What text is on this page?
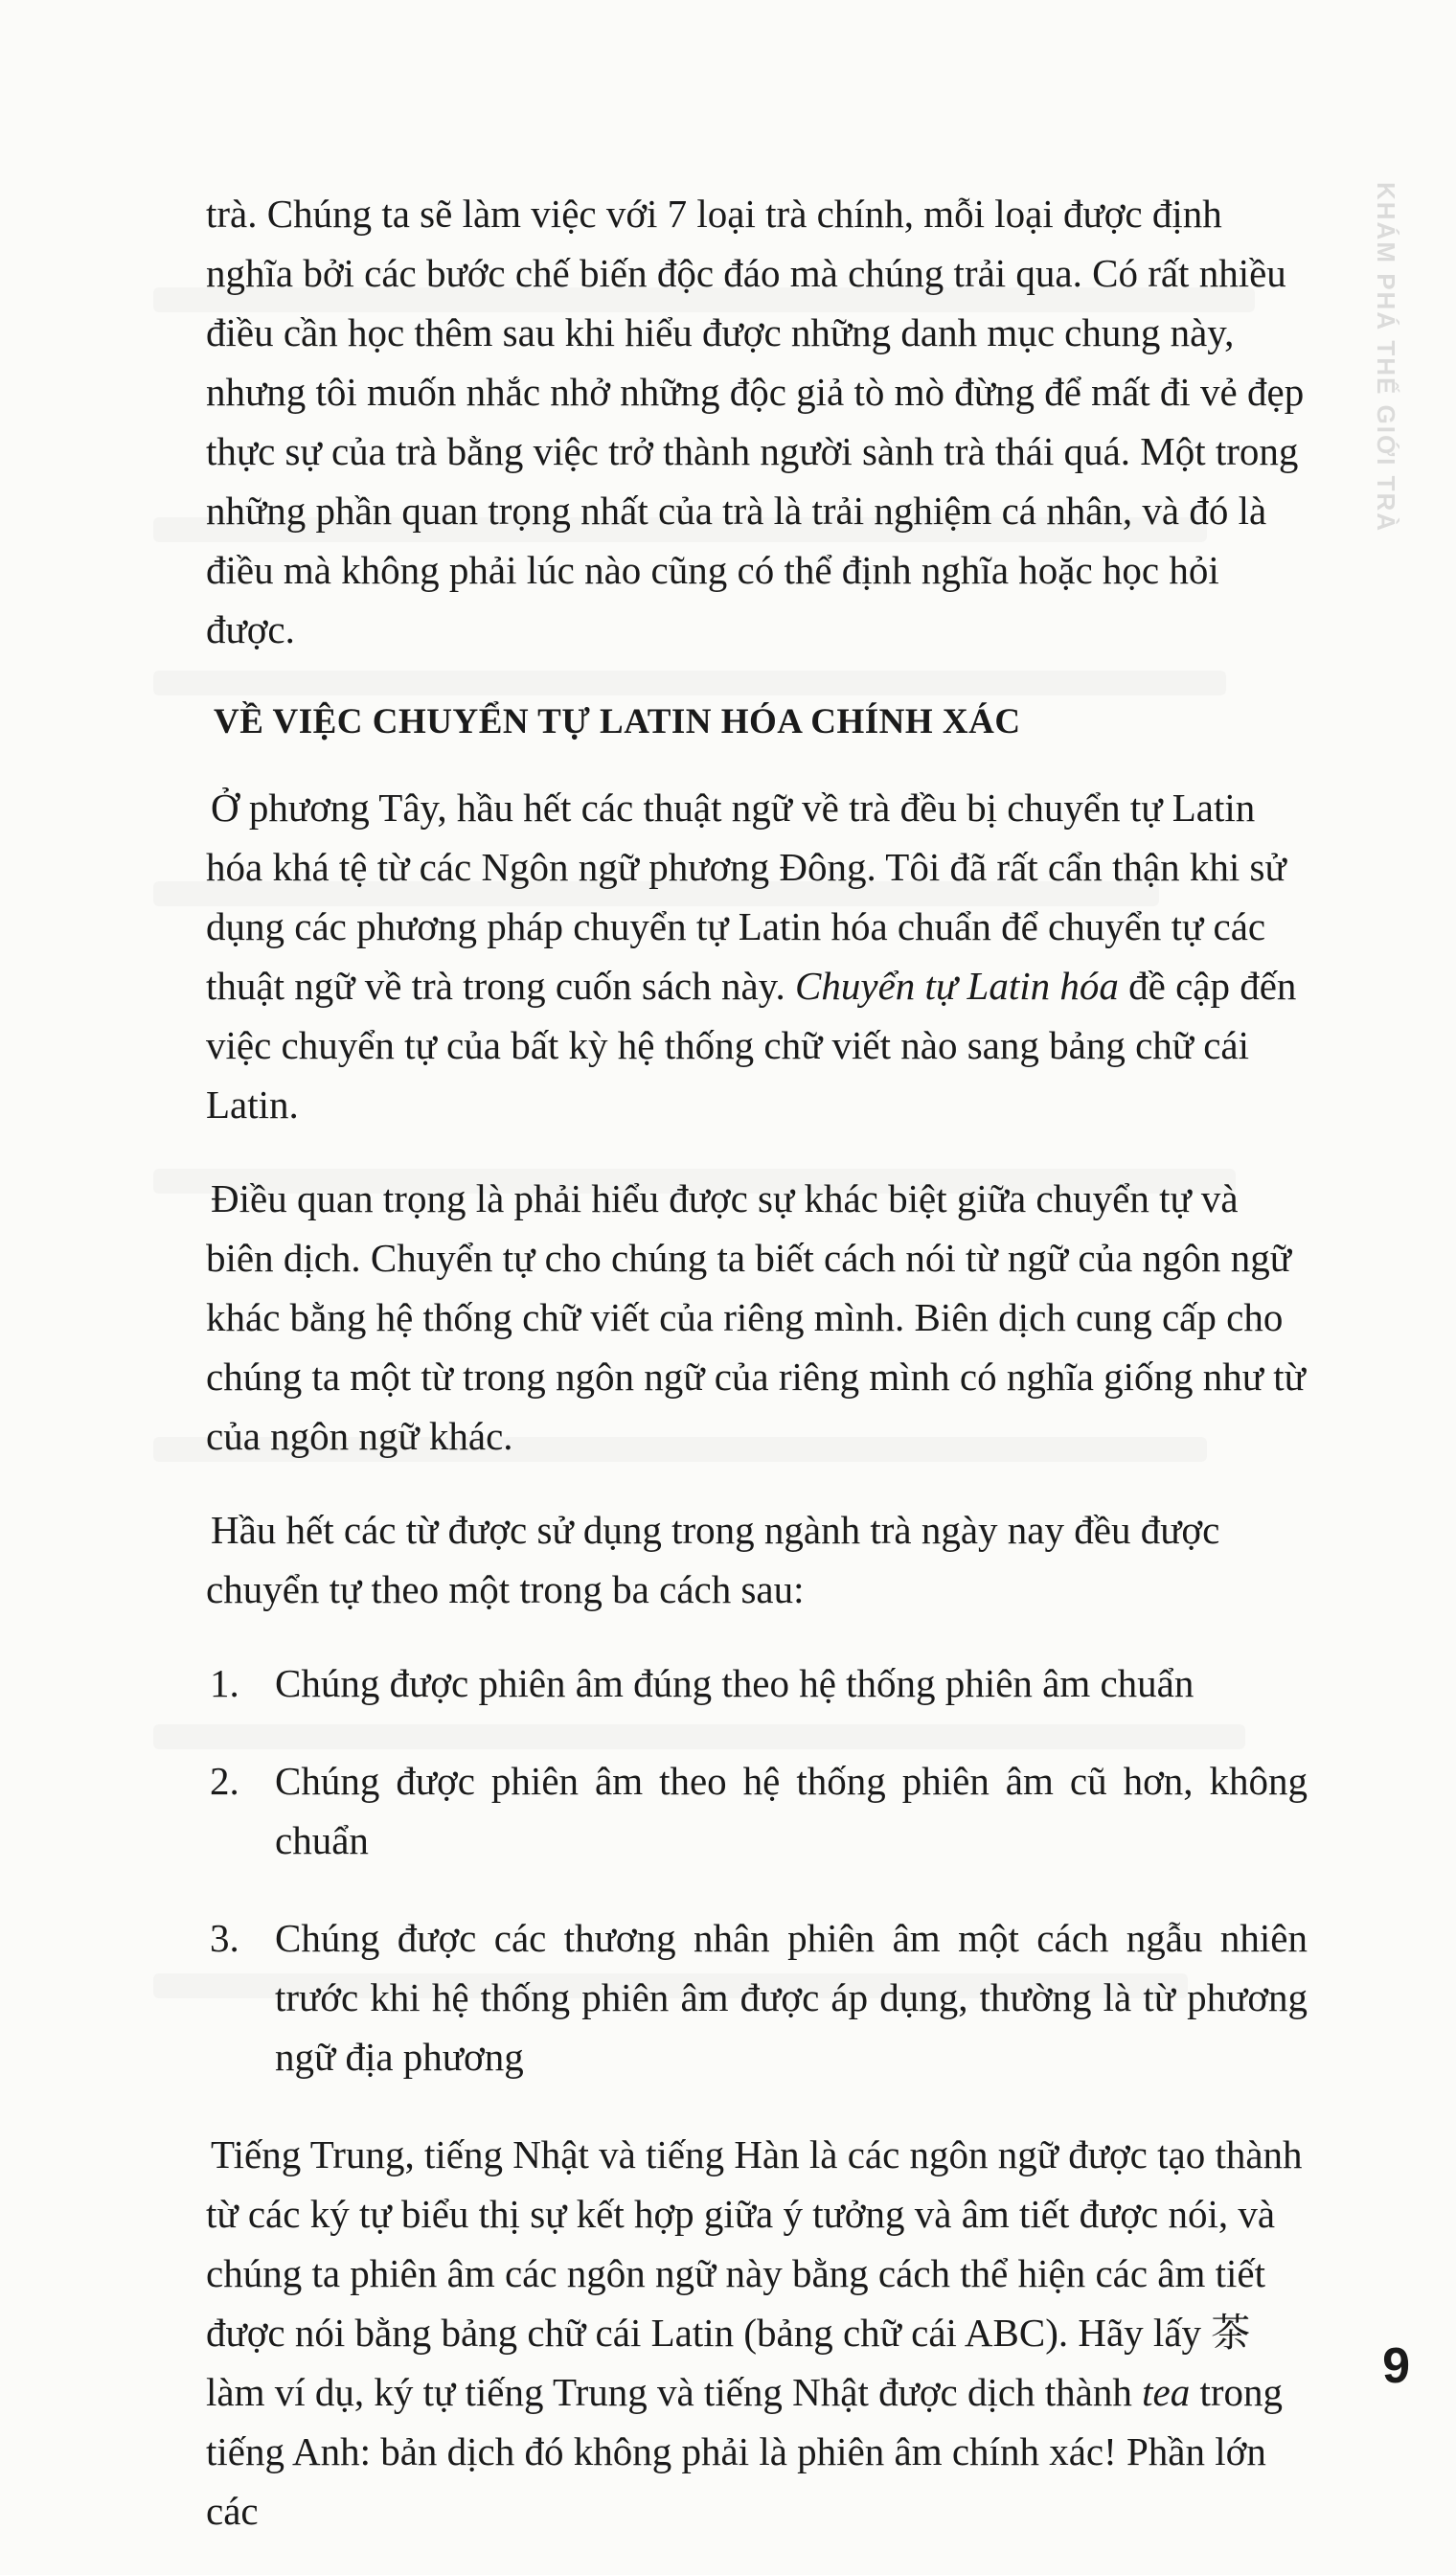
KHÁM PHÁ THẾ GIỚI TRÀ

trà. Chúng ta sẽ làm việc với 7 loại trà chính, mỗi loại được định nghĩa bởi các bước chế biến độc đáo mà chúng trải qua. Có rất nhiều điều cần học thêm sau khi hiểu được những danh mục chung này, nhưng tôi muốn nhắc nhở những độc giả tò mò đừng để mất đi vẻ đẹp thực sự của trà bằng việc trở thành người sành trà thái quá. Một trong những phần quan trọng nhất của trà là trải nghiệm cá nhân, và đó là điều mà không phải lúc nào cũng có thể định nghĩa hoặc học hỏi được.

VỀ VIỆC CHUYỂN TỰ LATIN HÓA CHÍNH XÁC

Ở phương Tây, hầu hết các thuật ngữ về trà đều bị chuyển tự Latin hóa khá tệ từ các Ngôn ngữ phương Đông. Tôi đã rất cẩn thận khi sử dụng các phương pháp chuyển tự Latin hóa chuẩn để chuyển tự các thuật ngữ về trà trong cuốn sách này. Chuyển tự Latin hóa đề cập đến việc chuyển tự của bất kỳ hệ thống chữ viết nào sang bảng chữ cái Latin.

Điều quan trọng là phải hiểu được sự khác biệt giữa chuyển tự và biên dịch. Chuyển tự cho chúng ta biết cách nói từ ngữ của ngôn ngữ khác bằng hệ thống chữ viết của riêng mình. Biên dịch cung cấp cho chúng ta một từ trong ngôn ngữ của riêng mình có nghĩa giống như từ của ngôn ngữ khác.

Hầu hết các từ được sử dụng trong ngành trà ngày nay đều được chuyển tự theo một trong ba cách sau:

1. Chúng được phiên âm đúng theo hệ thống phiên âm chuẩn
2. Chúng được phiên âm theo hệ thống phiên âm cũ hơn, không chuẩn
3. Chúng được các thương nhân phiên âm một cách ngẫu nhiên trước khi hệ thống phiên âm được áp dụng, thường là từ phương ngữ địa phương

Tiếng Trung, tiếng Nhật và tiếng Hàn là các ngôn ngữ được tạo thành từ các ký tự biểu thị sự kết hợp giữa ý tưởng và âm tiết được nói, và chúng ta phiên âm các ngôn ngữ này bằng cách thể hiện các âm tiết được nói bằng bảng chữ cái Latin (bảng chữ cái ABC). Hãy lấy 茶 làm ví dụ, ký tự tiếng Trung và tiếng Nhật được dịch thành tea trong tiếng Anh: bản dịch đó không phải là phiên âm chính xác! Phần lớn các

9
